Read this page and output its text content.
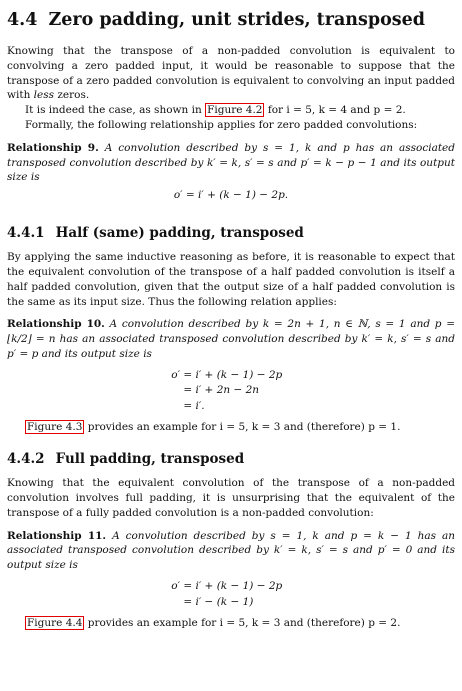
4.4 Zero padding, unit strides, transposed

Knowing that the transpose of a non-padded convolution is equivalent to convolving a zero padded input, it would be reasonable to suppose that the transpose of a zero padded convolution is equivalent to convolving an input padded with less zeros.

It is indeed the case, as shown in Figure 4.2 for i = 5, k = 4 and p = 2.

Formally, the following relationship applies for zero padded convolutions:

Relationship 9. A convolution described by s = 1, k and p has an associated transposed convolution described by k′ = k, s′ = s and p′ = k − p − 1 and its output size is
o′ = i′ + (k − 1) − 2p.
4.4.1 Half (same) padding, transposed

By applying the same inductive reasoning as before, it is reasonable to expect that the equivalent convolution of the transpose of a half padded convolution is itself a half padded convolution, given that the output size of a half padded convolution is the same as its input size. Thus the following relation applies:

Relationship 10. A convolution described by k = 2n + 1, n ∈ ℕ, s = 1 and p = ⌊k/2⌋ = n has an associated transposed convolution described by k′ = k, s′ = s and p′ = p and its output size is
o′ = i′ + (k − 1) − 2p
= i′ + 2n − 2n
= i′.

Figure 4.3 provides an example for i = 5, k = 3 and (therefore) p = 1.

4.4.2 Full padding, transposed

Knowing that the equivalent convolution of the transpose of a non-padded convolution involves full padding, it is unsurprising that the equivalent of the transpose of a fully padded convolution is a non-padded convolution:

Relationship 11. A convolution described by s = 1, k and p = k − 1 has an associated transposed convolution described by k′ = k, s′ = s and p′ = 0 and its output size is
o′ = i′ + (k − 1) − 2p
= i′ − (k − 1)

Figure 4.4 provides an example for i = 5, k = 3 and (therefore) p = 2.
